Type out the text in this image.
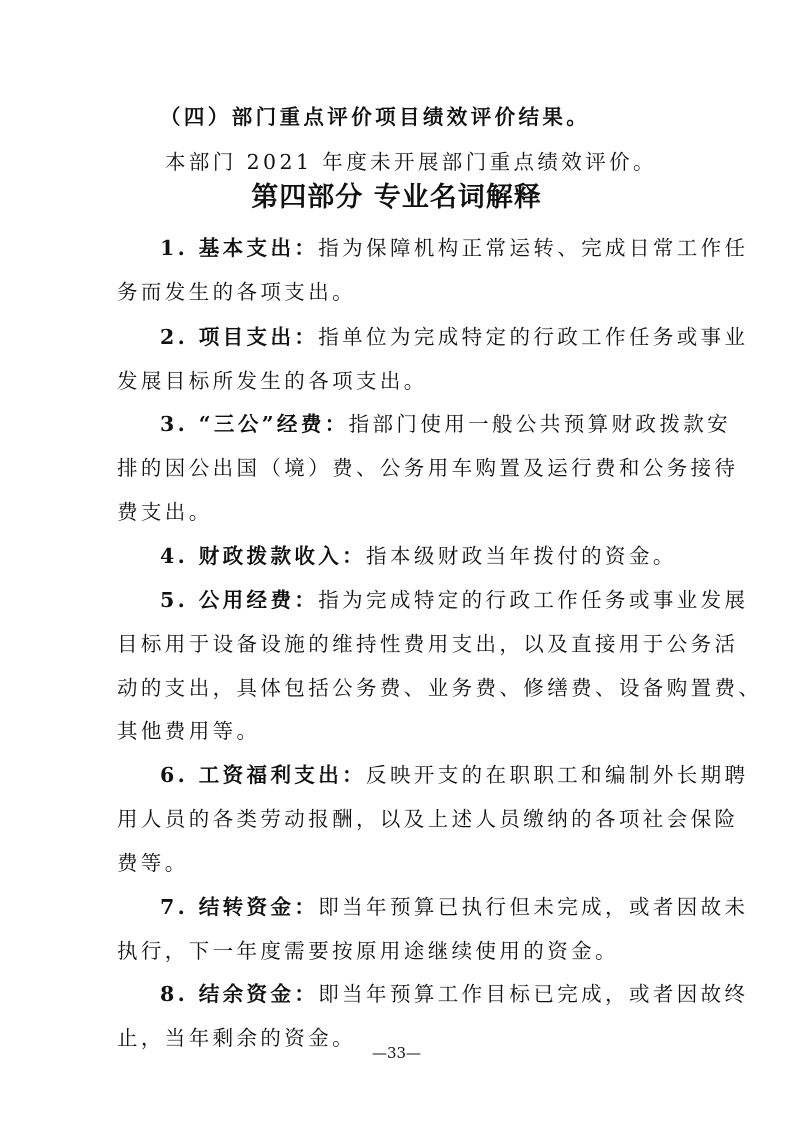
（四）部门重点评价项目绩效评价结果。
本部门 2021 年度未开展部门重点绩效评价。
第四部分 专业名词解释
1. 基本支出：指为保障机构正常运转、完成日常工作任
务而发生的各项支出。
2. 项目支出：指单位为完成特定的行政工作任务或事业
发展目标所发生的各项支出。
3. “三公”经费：指部门使用一般公共预算财政拨款安
排的因公出国（境）费、公务用车购置及运行费和公务接待
费支出。
4. 财政拨款收入：指本级财政当年拨付的资金。
5. 公用经费：指为完成特定的行政工作任务或事业发展
目标用于设备设施的维持性费用支出，以及直接用于公务活
动的支出，具体包括公务费、业务费、修缮费、设备购置费、
其他费用等。
6. 工资福利支出：反映开支的在职职工和编制外长期聘
用人员的各类劳动报酬，以及上述人员缴纳的各项社会保险
费等。
7. 结转资金：即当年预算已执行但未完成，或者因故未
执行，下一年度需要按原用途继续使用的资金。
8. 结余资金：即当年预算工作目标已完成，或者因故终
止，当年剩余的资金。
—33—
